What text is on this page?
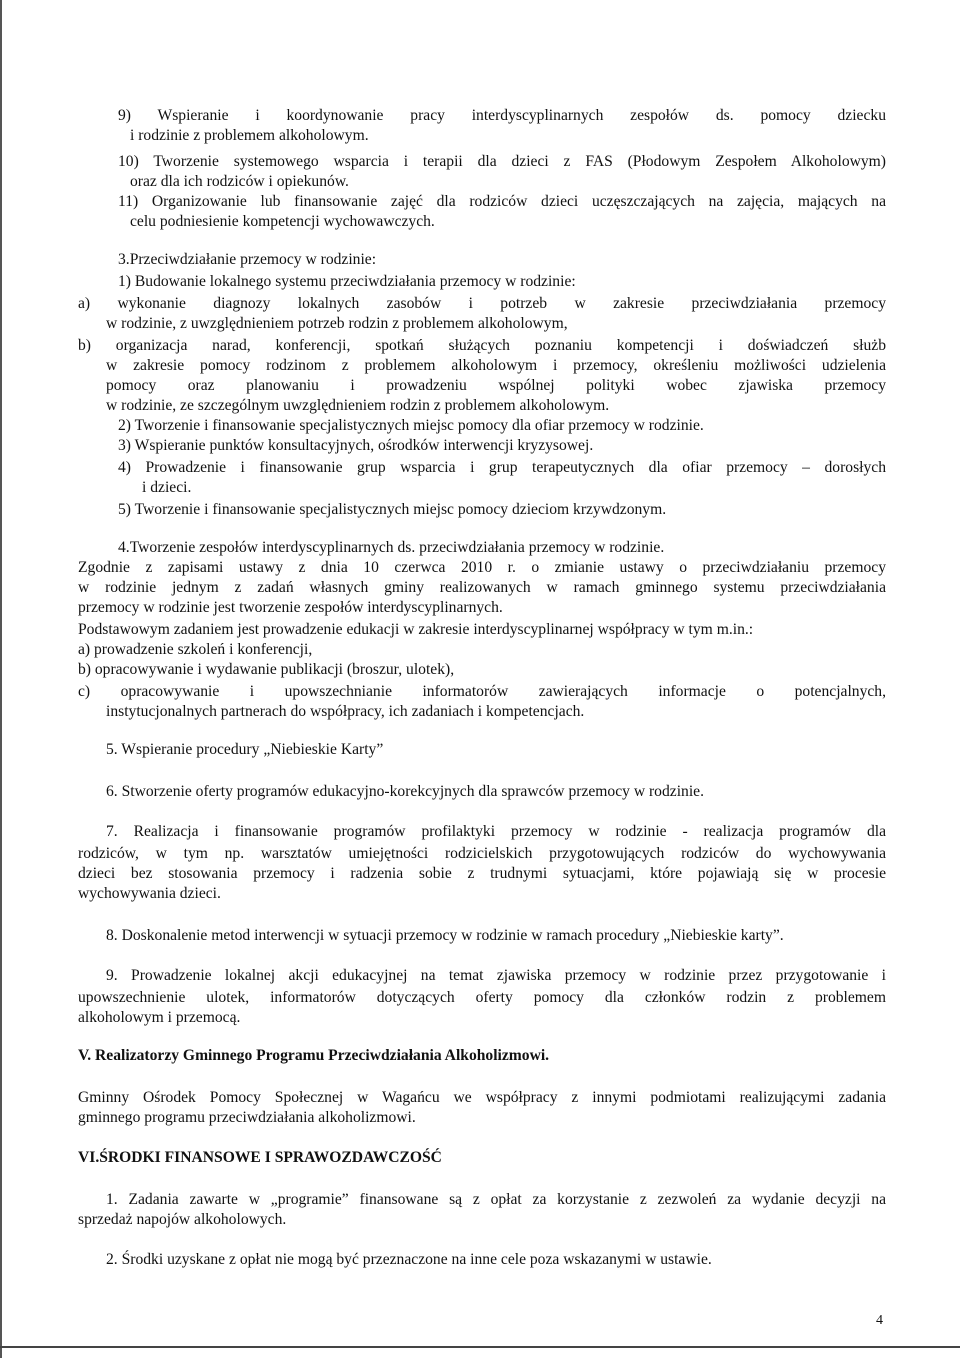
9) Wspieranie i koordynowanie pracy interdyscyplinarnych zespołów ds. pomocy dziecku
i rodzinie z problemem alkoholowym.
10) Tworzenie systemowego wsparcia i terapii dla dzieci z FAS (Płodowym Zespołem Alkoholowym)
oraz dla ich rodziców i opiekunów.
11) Organizowanie lub finansowanie zajęć dla rodziców dzieci uczęszczających na zajęcia, mających na
celu podniesienie kompetencji wychowawczych.
3.Przeciwdziałanie przemocy w rodzinie:
1) Budowanie lokalnego systemu przeciwdziałania przemocy w rodzinie:
a) wykonanie diagnozy lokalnych zasobów i potrzeb w zakresie przeciwdziałania przemocy
w rodzinie, z uwzględnieniem potrzeb rodzin z problemem alkoholowym,
b) organizacja narad, konferencji, spotkań służących poznaniu kompetencji i doświadczeń służb
w zakresie pomocy rodzinom z problemem alkoholowym i przemocy, określeniu możliwości udzielenia
pomocy oraz planowaniu i prowadzeniu wspólnej polityki wobec zjawiska przemocy
w rodzinie, ze szczególnym uwzględnieniem rodzin z problemem alkoholowym.
2) Tworzenie i finansowanie specjalistycznych miejsc pomocy dla ofiar przemocy w rodzinie.
3) Wspieranie punktów konsultacyjnych, ośrodków interwencji kryzysowej.
4) Prowadzenie i finansowanie grup wsparcia i grup terapeutycznych dla ofiar przemocy – dorosłych
i dzieci.
5) Tworzenie i finansowanie specjalistycznych miejsc pomocy dzieciom krzywdzonym.
4.Tworzenie zespołów interdyscyplinarnych ds. przeciwdziałania przemocy w rodzinie.
Zgodnie z zapisami ustawy z dnia 10 czerwca 2010 r. o zmianie ustawy o przeciwdziałaniu przemocy
w rodzinie jednym z zadań własnych gminy realizowanych w ramach gminnego systemu przeciwdziałania
przemocy w rodzinie jest tworzenie zespołów interdyscyplinarnych.
Podstawowym zadaniem jest prowadzenie edukacji w zakresie interdyscyplinarnej współpracy w tym m.in.:
a) prowadzenie szkoleń i konferencji,
b) opracowywanie i wydawanie publikacji (broszur, ulotek),
c) opracowywanie i upowszechnianie informatorów zawierających informacje o potencjalnych,
instytucjonalnych partnerach do współpracy, ich zadaniach i kompetencjach.
5. Wspieranie procedury „Niebieskie Karty”
6. Stworzenie oferty programów edukacyjno-korekcyjnych dla sprawców przemocy w rodzinie.
7. Realizacja i finansowanie programów profilaktyki przemocy w rodzinie - realizacja programów dla
rodziców, w tym np. warsztatów umiejętności rodzicielskich przygotowujących rodziców do wychowywania
dzieci bez stosowania przemocy i radzenia sobie z trudnymi sytuacjami, które pojawiają się w procesie
wychowywania dzieci.
8. Doskonalenie metod interwencji w sytuacji przemocy w rodzinie w ramach procedury „Niebieskie karty”.
9. Prowadzenie lokalnej akcji edukacyjnej na temat zjawiska przemocy w rodzinie przez przygotowanie i
upowszechnienie ulotek, informatorów dotyczących oferty pomocy dla członków rodzin z problemem
alkoholowym i przemocą.
V. Realizatorzy Gminnego Programu Przeciwdziałania Alkoholizmowi.
Gminny Ośrodek Pomocy Społecznej w Wagańcu we współpracy z innymi podmiotami realizującymi zadania
gminnego programu przeciwdziałania alkoholizmowi.
VI.ŚRODKI FINANSOWE I SPRAWOZDAWCZOŚĆ
1. Zadania zawarte w „programie” finansowane są z opłat za korzystanie z zezwoleń za wydanie decyzji na
sprzedaż napojów alkoholowych.
2. Środki uzyskane z opłat nie mogą być przeznaczone na inne cele poza wskazanymi w ustawie.
4
